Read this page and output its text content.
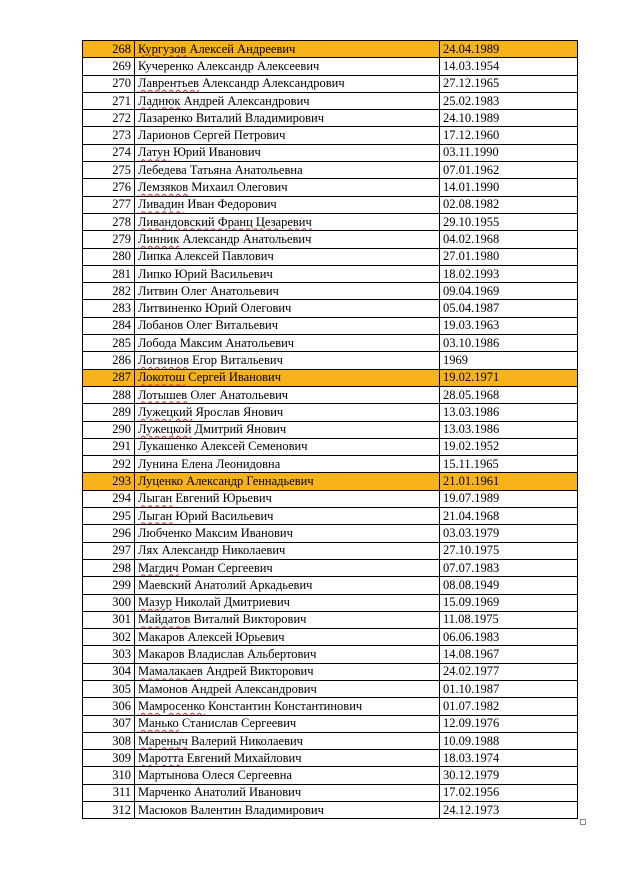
268	Кургузов Алексей Андреевич	24.04.1989
269	Кучеренко Александр Алексеевич	14.03.1954
270	Лаврентьев Александр Александрович	27.12.1965
271	Ладнюк Андрей Александрович	25.02.1983
272	Лазаренко Виталий Владимирович	24.10.1989
273	Ларионов Сергей Петрович	17.12.1960
274	Латун Юрий Иванович	03.11.1990
275	Лебедева Татьяна Анатольевна	07.01.1962
276	Лемзяков Михаил Олегович	14.01.1990
277	Ливадин Иван Федорович	02.08.1982
278	Ливандовский Франц Цезаревич	29.10.1955
279	Линник Александр Анатольевич	04.02.1968
280	Липка Алексей Павлович	27.01.1980
281	Липко Юрий Васильевич	18.02.1993
282	Литвин Олег Анатольевич	09.04.1969
283	Литвиненко Юрий Олегович	05.04.1987
284	Лобанов Олег Витальевич	19.03.1963
285	Лобода Максим Анатольевич	03.10.1986
286	Логвинов Егор Витальевич	1969
287	Локотош Сергей Иванович	19.02.1971
288	Лотышев Олег Анатольевич	28.05.1968
289	Лужецкий Ярослав Янович	13.03.1986
290	Лужецкой Дмитрий Янович	13.03.1986
291	Лукашенко Алексей Семенович	19.02.1952
292	Лунина Елена Леонидовна	15.11.1965
293	Луценко Александр Геннадьевич	21.01.1961
294	Лыган Евгений Юрьевич	19.07.1989
295	Лыган Юрий Васильевич	21.04.1968
296	Любченко Максим Иванович	03.03.1979
297	Лях Александр Николаевич	27.10.1975
298	Магдич Роман Сергеевич	07.07.1983
299	Маевский Анатолий Аркадьевич	08.08.1949
300	Мазур Николай Дмитриевич	15.09.1969
301	Майдатов Виталий Викторович	11.08.1975
302	Макаров Алексей Юрьевич	06.06.1983
303	Макаров Владислав Альбертович	14.08.1967
304	Мамалакаев Андрей Викторович	24.02.1977
305	Мамонов Андрей Александрович	01.10.1987
306	Мамросенко Константин Константинович	01.07.1982
307	Манько Станислав Сергеевич	12.09.1976
308	Мареныч Валерий Николаевич	10.09.1988
309	Маротта Евгений Михайлович	18.03.1974
310	Мартынова Олеся Сергеевна	30.12.1979
311	Марченко Анатолий Иванович	17.02.1956
312	Масюков Валентин Владимирович	24.12.1973
